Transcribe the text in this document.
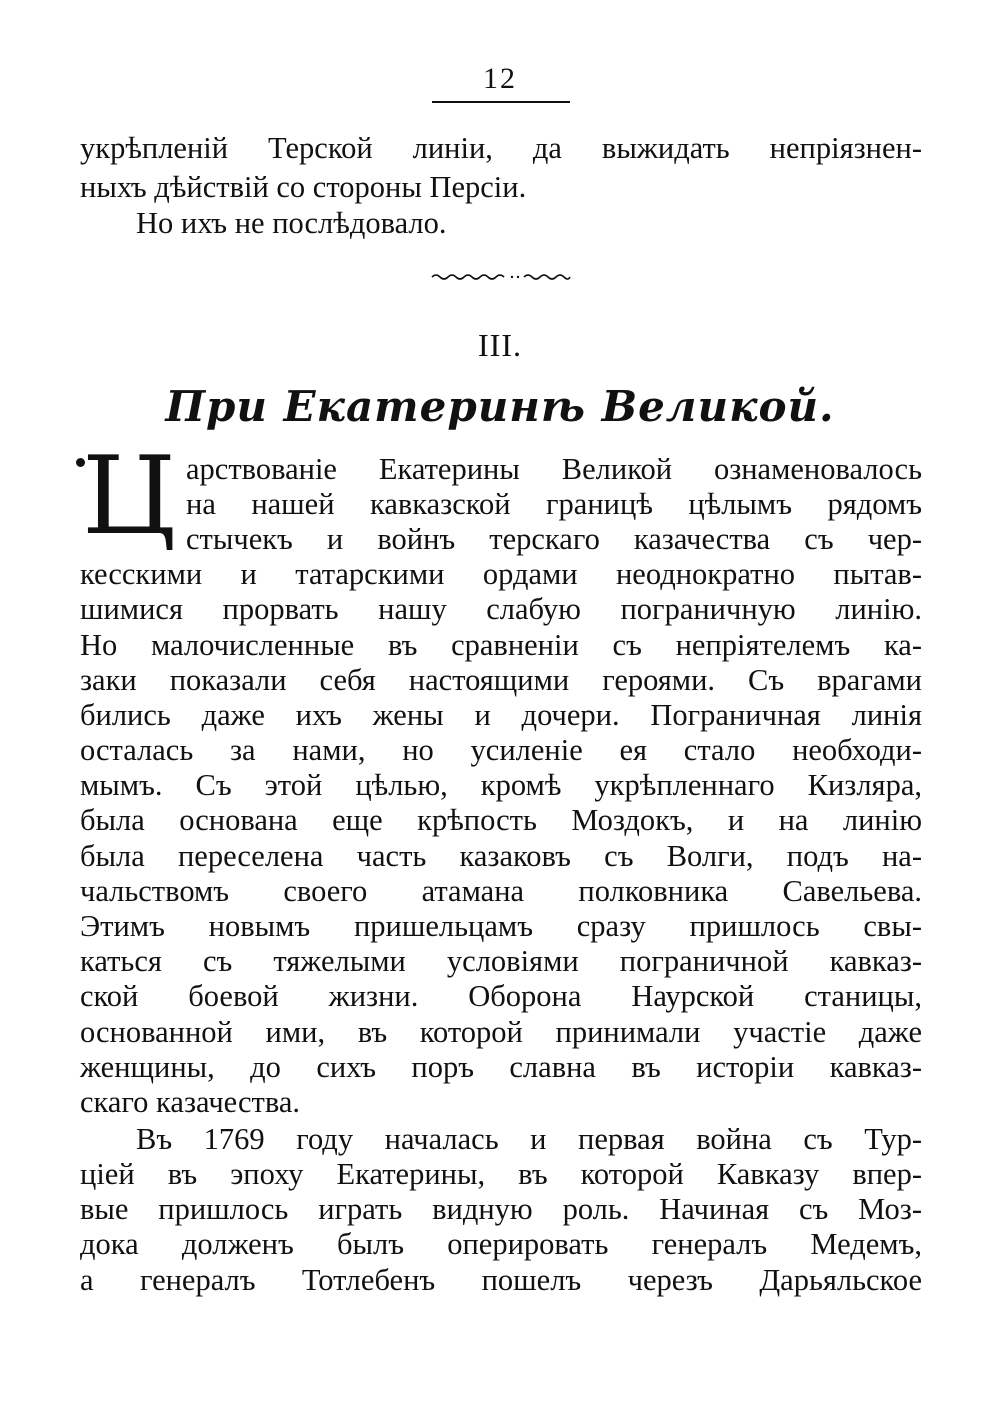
12
укрѣпленій Терской линіи, да выжидать непріязнен-
ныхъ дѣйствій со стороны Персіи.
Но ихъ не послѣдовало.
III.
При Екатеринѣ Великой.
Ц арствованіе Екатерины Великой ознаменовалось
на нашей кавказской границѣ цѣлымъ рядомъ
стычекъ и войнъ терскаго казачества съ чер-
кесскими и татарскими ордами неоднократно пытав-
шимися прорвать нашу слабую пограничную линію.
Но малочисленные въ сравненіи съ непріятелемъ ка-
заки показали себя настоящими героями. Съ врагами
бились даже ихъ жены и дочери. Пограничная линія
осталась за нами, но усиленіе ея стало необходи-
мымъ. Съ этой цѣлью, кромѣ укрѣпленнаго Кизляра,
была основана еще крѣпость Моздокъ, и на линію
была переселена часть казаковъ съ Волги, подъ на-
чальствомъ своего атамана полковника Савельева.
Этимъ новымъ пришельцамъ сразу пришлось свы-
каться съ тяжелыми условіями пограничной кавказ-
ской боевой жизни. Оборона Наурской станицы,
основанной ими, въ которой принимали участіе даже
женщины, до сихъ поръ славна въ исторіи кавказ-
скаго казачества.
Въ 1769 году началась и первая война съ Тур-
ціей въ эпоху Екатерины, въ которой Кавказу впер-
вые пришлось играть видную роль. Начиная съ Моз-
дока долженъ былъ оперировать генералъ Медемъ,
а генералъ Тотлебенъ пошелъ черезъ Дарьяльское
